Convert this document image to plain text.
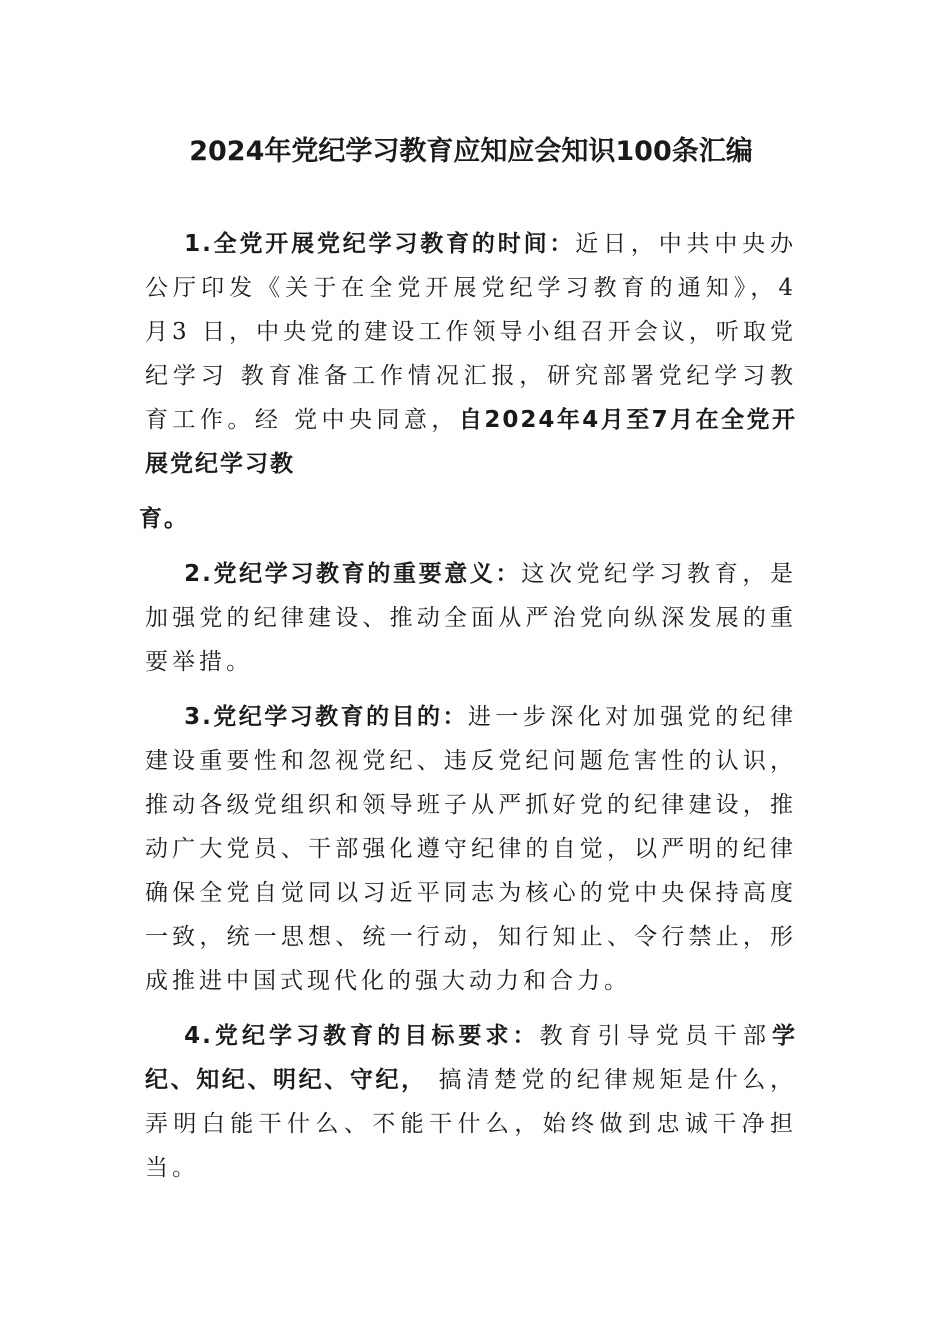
2024年党纪学习教育应知应会知识100条汇编

1.全党开展党纪学习教育的时间：近日，中共中央办公厅印发《关于在全党开展党纪学习教育的通知》，4月3 日，中央党的建设工作领导小组召开会议，听取党纪学习 教育准备工作情况汇报，研究部署党纪学习教育工作。经 党中央同意，自2024年4月至7月在全党开展党纪学习教

育。

2.党纪学习教育的重要意义：这次党纪学习教育，是加强党的纪律建设、推动全面从严治党向纵深发展的重要举措。

3.党纪学习教育的目的：进一步深化对加强党的纪律建设重要性和忽视党纪、违反党纪问题危害性的认识，推动各级党组织和领导班子从严抓好党的纪律建设，推动广大党员、干部强化遵守纪律的自觉，以严明的纪律确保全党自觉同以习近平同志为核心的党中央保持高度一致，统一思想、统一行动，知行知止、令行禁止，形成推进中国式现代化的强大动力和合力。

4.党纪学习教育的目标要求：教育引导党员干部学纪、知纪、明纪、守纪， 搞清楚党的纪律规矩是什么，弄明白能干什么、不能干什么，始终做到忠诚干净担当。
